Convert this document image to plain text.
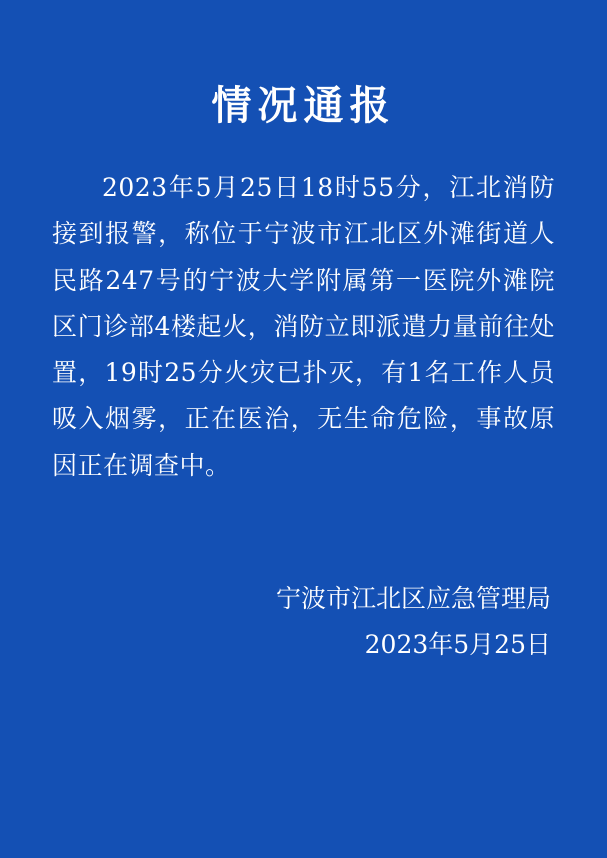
情况通报

2023年5月25日18时55分，江北消防接到报警，称位于宁波市江北区外滩街道人民路247号的宁波大学附属第一医院外滩院区门诊部4楼起火，消防立即派遣力量前往处置，19时25分火灾已扑灭，有1名工作人员吸入烟雾，正在医治，无生命危险，事故原因正在调查中。

宁波市江北区应急管理局
2023年5月25日
